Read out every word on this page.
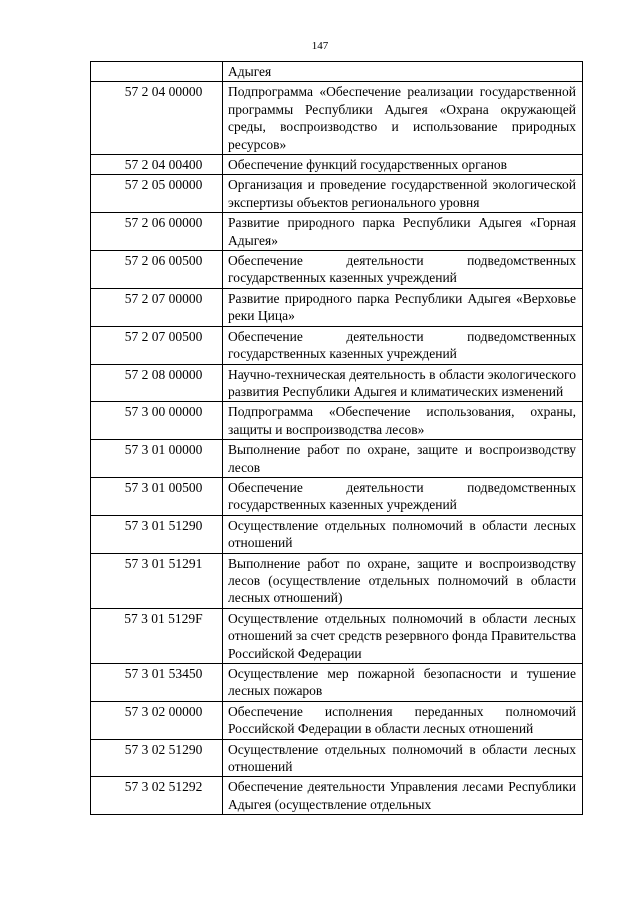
147
	Адыгея
57 2 04 00000	Подпрограмма «Обеспечение реализации государственной программы Республики Адыгея «Охрана окружающей среды, воспроизводство и использование природных ресурсов»
57 2 04 00400	Обеспечение функций государственных органов
57 2 05 00000	Организация и проведение государственной экологической экспертизы объектов регионального уровня
57 2 06 00000	Развитие природного парка Республики Адыгея «Горная Адыгея»
57 2 06 00500	Обеспечение деятельности подведомственных государственных казенных учреждений
57 2 07 00000	Развитие природного парка Республики Адыгея «Верховье реки Цица»
57 2 07 00500	Обеспечение деятельности подведомственных государственных казенных учреждений
57 2 08 00000	Научно-техническая деятельность в области экологического развития Республики Адыгея и климатических изменений
57 3 00 00000	Подпрограмма «Обеспечение использования, охраны, защиты и воспроизводства лесов»
57 3 01 00000	Выполнение работ по охране, защите и воспроизводству лесов
57 3 01 00500	Обеспечение деятельности подведомственных государственных казенных учреждений
57 3 01 51290	Осуществление отдельных полномочий в области лесных отношений
57 3 01 51291	Выполнение работ по охране, защите и воспроизводству лесов (осуществление отдельных полномочий в области лесных отношений)
57 3 01 5129F	Осуществление отдельных полномочий в области лесных отношений за счет средств резервного фонда Правительства Российской Федерации
57 3 01 53450	Осуществление мер пожарной безопасности и тушение лесных пожаров
57 3 02 00000	Обеспечение исполнения переданных полномочий Российской Федерации в области лесных отношений
57 3 02 51290	Осуществление отдельных полномочий в области лесных отношений
57 3 02 51292	Обеспечение деятельности Управления лесами Республики Адыгея (осуществление отдельных
